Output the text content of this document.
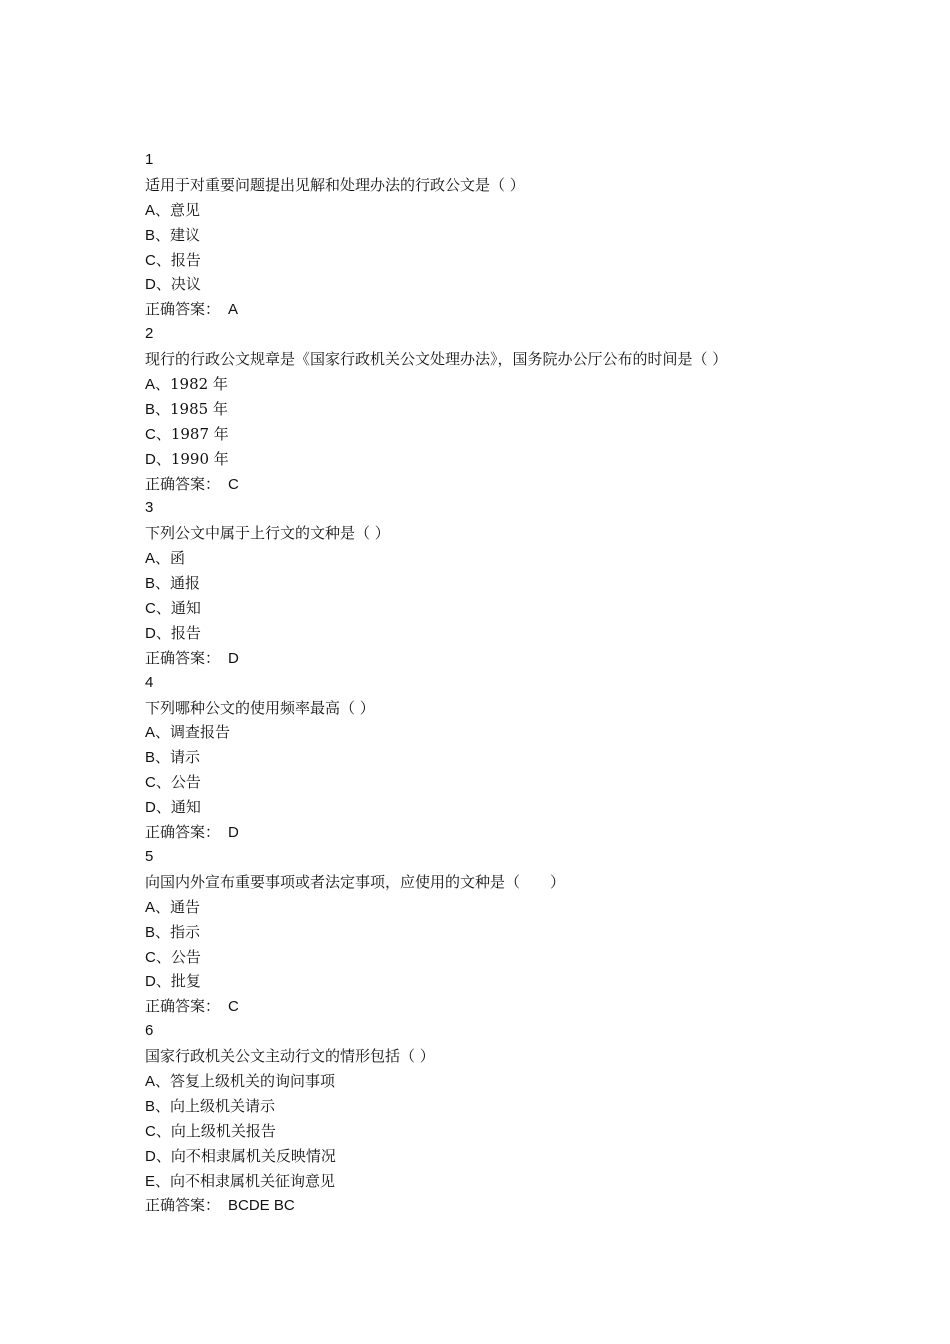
1
适用于对重要问题提出见解和处理办法的行政公文是（ ）
A、意见
B、建议
C、报告
D、决议
正确答案： A
2
现行的行政公文规章是《国家行政机关公文处理办法》，国务院办公厅公布的时间是（ ）
A、1982 年
B、1985 年
C、1987 年
D、1990 年
正确答案： C
3
下列公文中属于上行文的文种是（ ）
A、函
B、通报
C、通知
D、报告
正确答案： D
4
下列哪种公文的使用频率最高（ ）
A、调查报告
B、请示
C、公告
D、通知
正确答案： D
5
向国内外宣布重要事项或者法定事项，应使用的文种是（　　）
A、通告
B、指示
C、公告
D、批复
正确答案： C
6
国家行政机关公文主动行文的情形包括（ ）
A、答复上级机关的询问事项
B、向上级机关请示
C、向上级机关报告
D、向不相隶属机关反映情况
E、向不相隶属机关征询意见
正确答案： BCDE BC
